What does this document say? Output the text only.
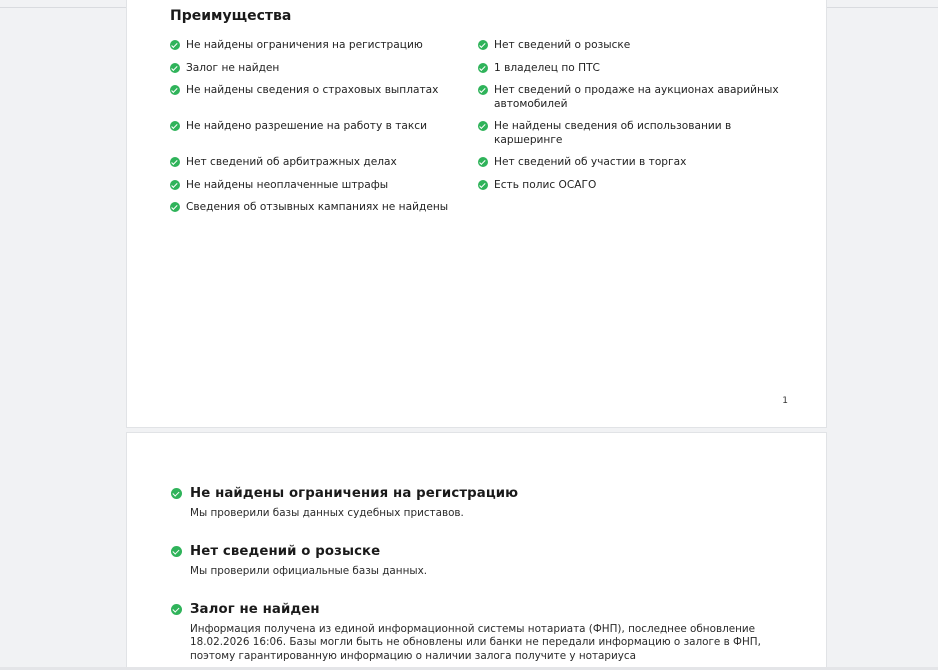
Преимущества
Не найдены ограничения на регистрацию
Залог не найден
Не найдены сведения о страховых выплатах
Не найдено разрешение на работу в такси
Нет сведений об арбитражных делах
Не найдены неоплаченные штрафы
Сведения об отзывных кампаниях не найдены
Нет сведений о розыске
1 владелец по ПТС
Нет сведений о продаже на аукционах аварийных автомобилей
Не найдены сведения об использовании в каршеринге
Нет сведений об участии в торгах
Есть полис ОСАГО
1
Не найдены ограничения на регистрацию
Мы проверили базы данных судебных приставов.
Нет сведений о розыске
Мы проверили официальные базы данных.
Залог не найден
Информация получена из единой информационной системы нотариата (ФНП), последнее обновление 18.02.2026 16:06. Базы могли быть не обновлены или банки не передали информацию о залоге в ФНП, поэтому гарантированную информацию о наличии залога получите у нотариуса
